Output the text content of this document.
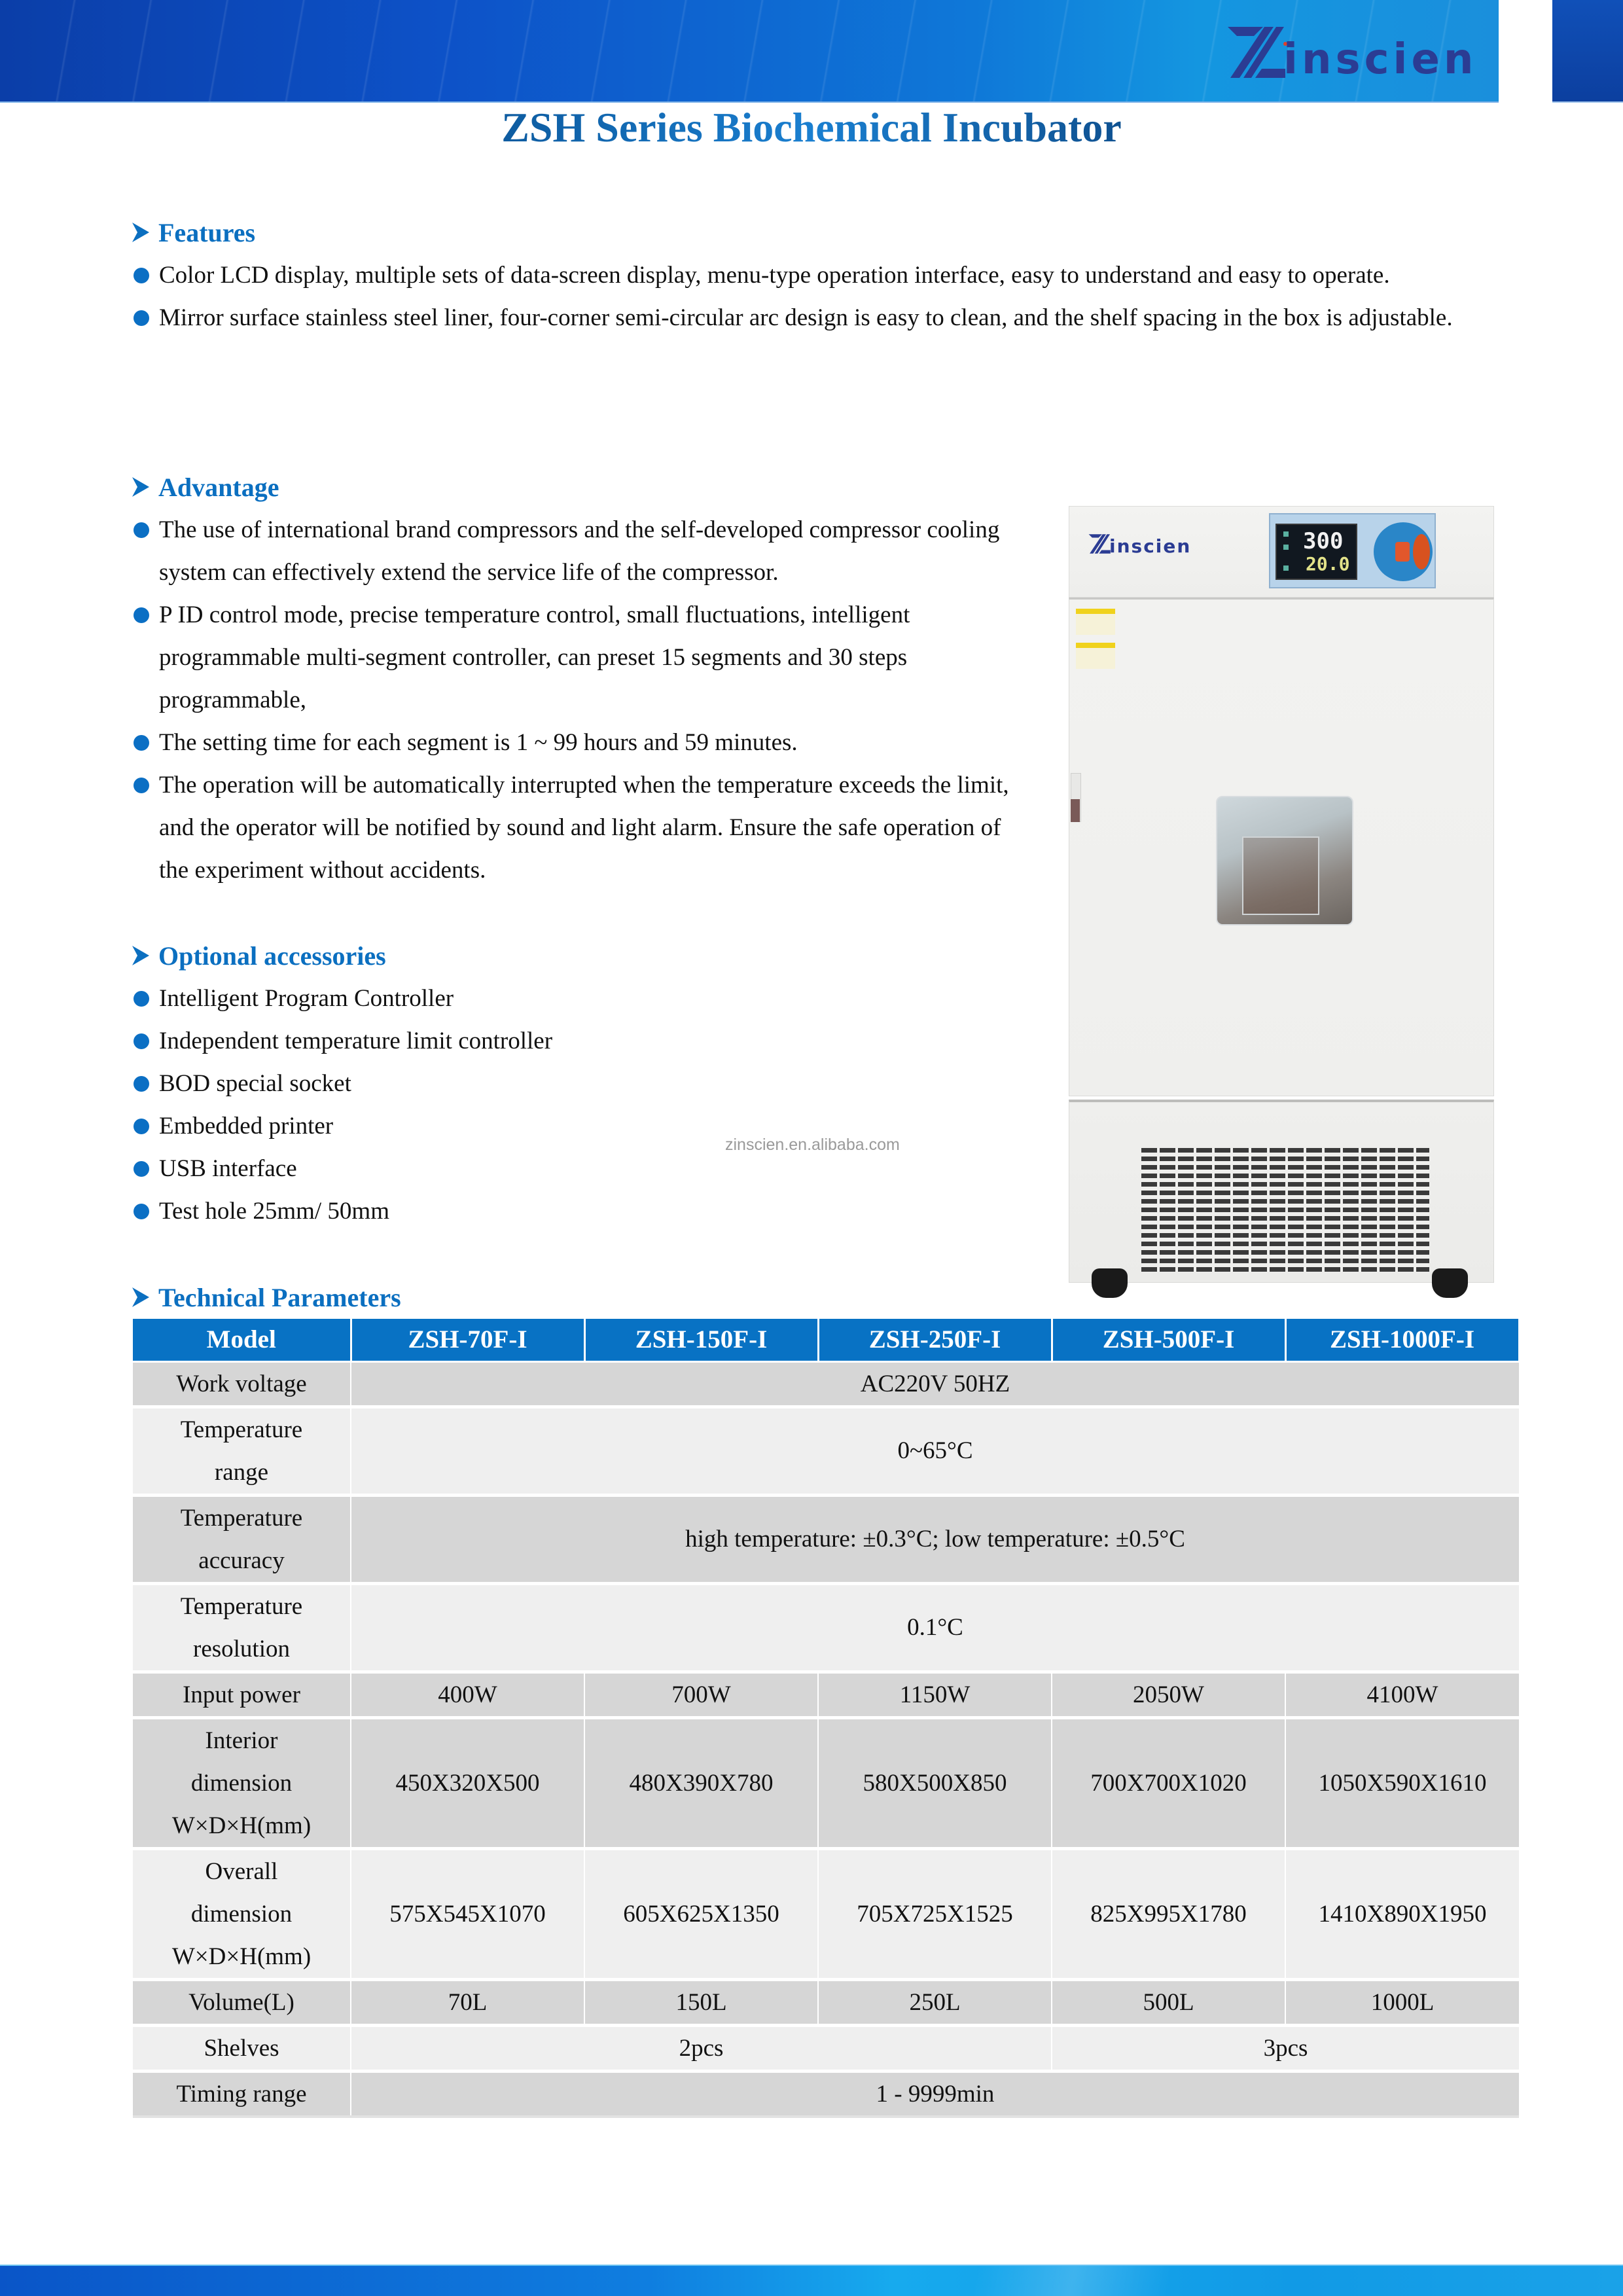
inscien
ZSH Series Biochemical Incubator
Features
Color LCD display, multiple sets of data-screen display, menu-type operation interface, easy to understand and easy to operate.
Mirror surface stainless steel liner, four-corner semi-circular arc design is easy to clean, and the shelf spacing in the box is adjustable.
Advantage
The use of international brand compressors and the self-developed compressor cooling system can effectively extend the service life of the compressor.
P ID control mode, precise temperature control, small fluctuations, intelligent programmable multi-segment controller, can preset 15 segments and 30 steps programmable,
The setting time for each segment is 1 ~ 99 hours and 59 minutes.
The operation will be automatically interrupted when the temperature exceeds the limit, and the operator will be notified by sound and light alarm. Ensure the safe operation of the experiment without accidents.
Optional accessories
Intelligent Program Controller
Independent temperature limit controller
BOD special socket
Embedded printer
USB interface
Test hole 25mm/ 50mm
zinscien.en.alibaba.com
inscien	300
20.0
Technical Parameters
Model	ZSH-70F-I	ZSH-150F-I	ZSH-250F-I	ZSH-500F-I	ZSH-1000F-I
Work voltage	AC220V 50HZ				

Temperature
range	0~65°C				

Temperature
accuracy	high temperature: ±0.3°C; low temperature: ±0.5°C				

Temperature
resolution	0.1°C				
Input power	400W	700W	1150W	2050W	4100W

Interior
dimension
W×D×H(mm)	450X320X500	480X390X780	580X500X850	700X700X1020	1050X590X1610

Overall
dimension
W×D×H(mm)	575X545X1070	605X625X1350	705X725X1525	825X995X1780	1410X890X1950
Volume(L)	70L	150L	250L	500L	1000L
Shelves	2pcs			3pcs	
Timing range	1 - 9999min				
